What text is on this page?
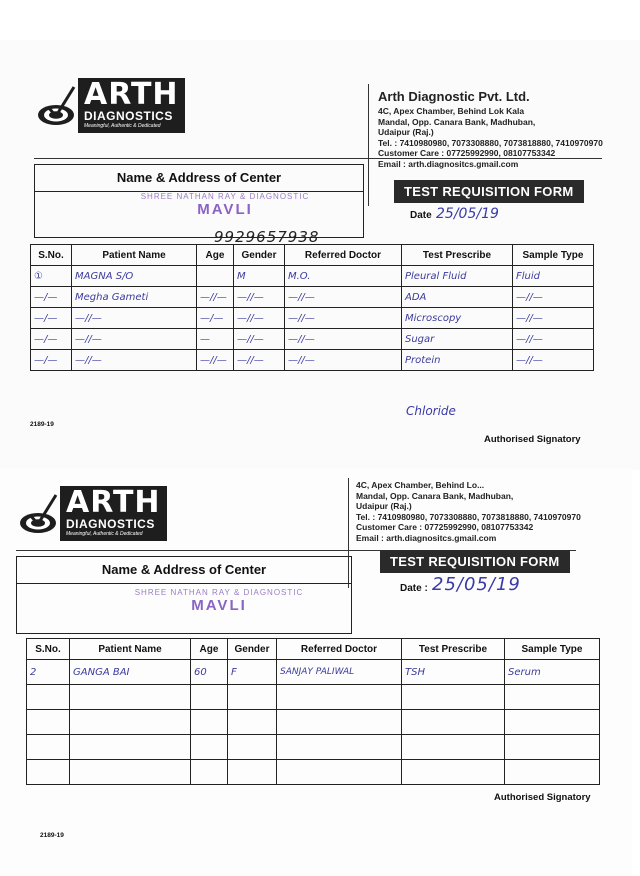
ARTH
DIAGNOSTICS
Meaningful, Authentic & Dedicated
Arth Diagnostic Pvt. Ltd.
4C, Apex Chamber, Behind Lok Kala
Mandal, Opp. Canara Bank, Madhuban,
Udaipur (Raj.)
Tel. : 7410980980, 7073308880, 7073818880, 7410970970
Customer Care : 07725992990, 08107753342
Email : arth.diagnositcs.gmail.com
Name & Address of Center
SHREE NATHAN RAY & DIAGNOSTIC
MAVLI
9929657938
TEST REQUISITION FORM
Date 25/05/19
S.No.	Patient Name	Age	Gender	Referred Doctor	Test Prescribe	Sample Type
①	MAGNA S/O		M	M.O.	Pleural Fluid	Fluid
—/—	Megha Gameti	—//—	—//—	—//—	ADA	—//—
—/—	—//—	—/—	—//—	—//—	Microscopy	—//—
—/—	—//—	—	—//—	—//—	Sugar	—//—
—/—	—//—	—//—	—//—	—//—	Protein	—//—
Chloride
2189-19
Authorised Signatory
ARTH
DIAGNOSTICS
Meaningful, Authentic & Dedicated
4C, Apex Chamber, Behind Lo...
Mandal, Opp. Canara Bank, Madhuban,
Udaipur (Raj.)
Tel. : 7410980980, 7073308880, 7073818880, 7410970970
Customer Care : 07725992990, 08107753342
Email : arth.diagnositcs.gmail.com
Name & Address of Center
SHREE NATHAN RAY & DIAGNOSTIC
MAVLI
TEST REQUISITION FORM
Date : 25/05/19
S.No.	Patient Name	Age	Gender	Referred Doctor	Test Prescribe	Sample Type
2	GANGA BAI	60	F	SANJAY PALIWAL	TSH	Serum

Authorised Signatory
2189-19
